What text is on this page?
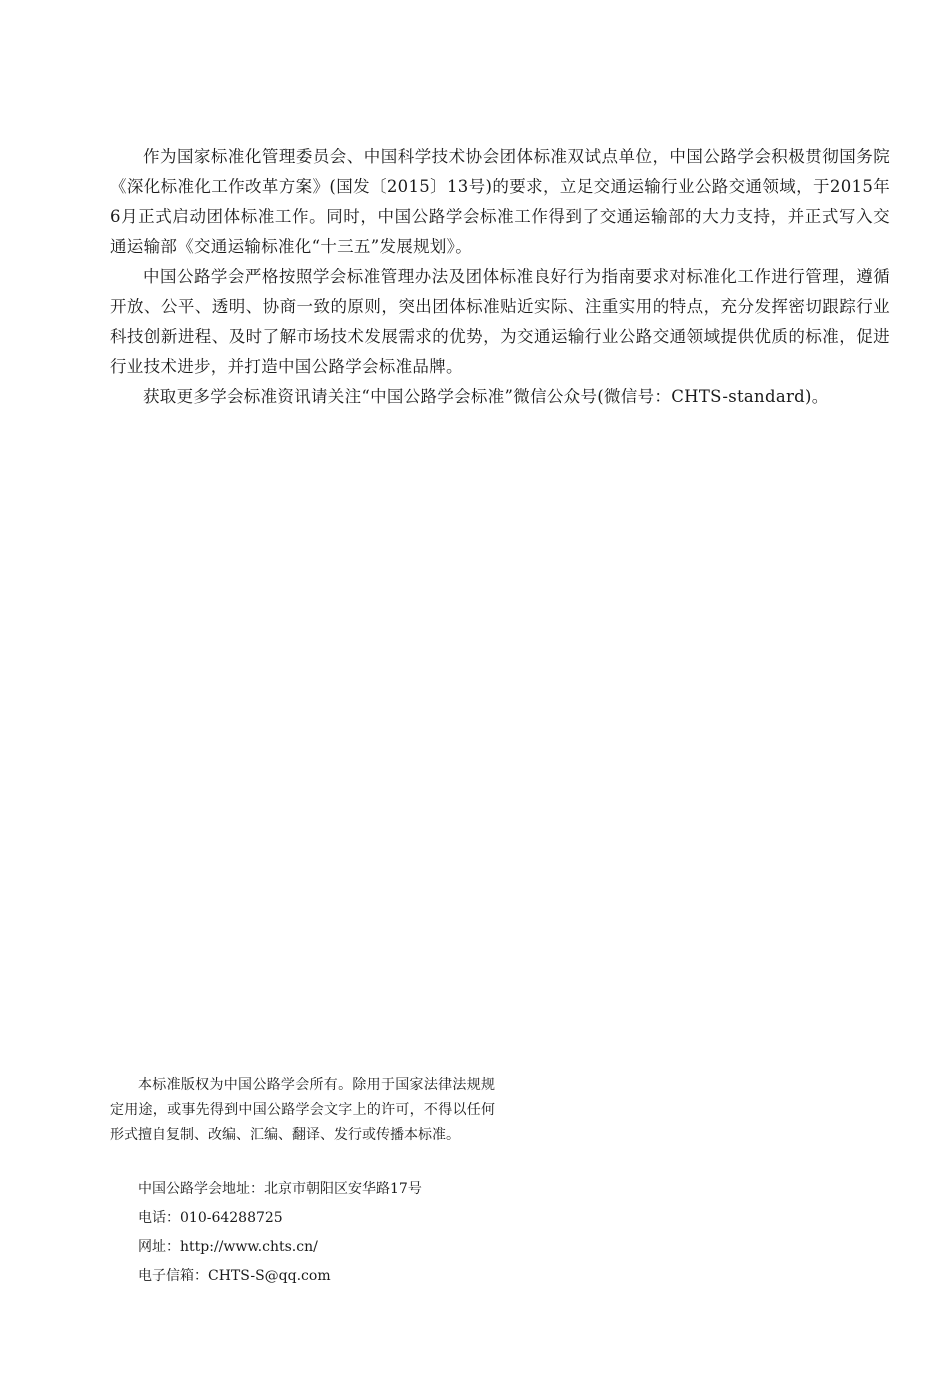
作为国家标准化管理委员会、中国科学技术协会团体标准双试点单位，中国公路学会积极贯彻国务院《深化标准化工作改革方案》(国发〔2015〕13号)的要求，立足交通运输行业公路交通领域，于2015年6月正式启动团体标准工作。同时，中国公路学会标准工作得到了交通运输部的大力支持，并正式写入交通运输部《交通运输标准化“十三五”发展规划》。

中国公路学会严格按照学会标准管理办法及团体标准良好行为指南要求对标准化工作进行管理，遵循开放、公平、透明、协商一致的原则，突出团体标准贴近实际、注重实用的特点，充分发挥密切跟踪行业科技创新进程、及时了解市场技术发展需求的优势，为交通运输行业公路交通领域提供优质的标准，促进行业技术进步，并打造中国公路学会标准品牌。

获取更多学会标准资讯请关注“中国公路学会标准”微信公众号(微信号：CHTS-standard)。

本标准版权为中国公路学会所有。除用于国家法律法规规定用途，或事先得到中国公路学会文字上的许可，不得以任何形式擅自复制、改编、汇编、翻译、发行或传播本标准。

中国公路学会地址：北京市朝阳区安华路17号
电话：010-64288725
网址：http://www.chts.cn/
电子信箱：CHTS-S@qq.com
